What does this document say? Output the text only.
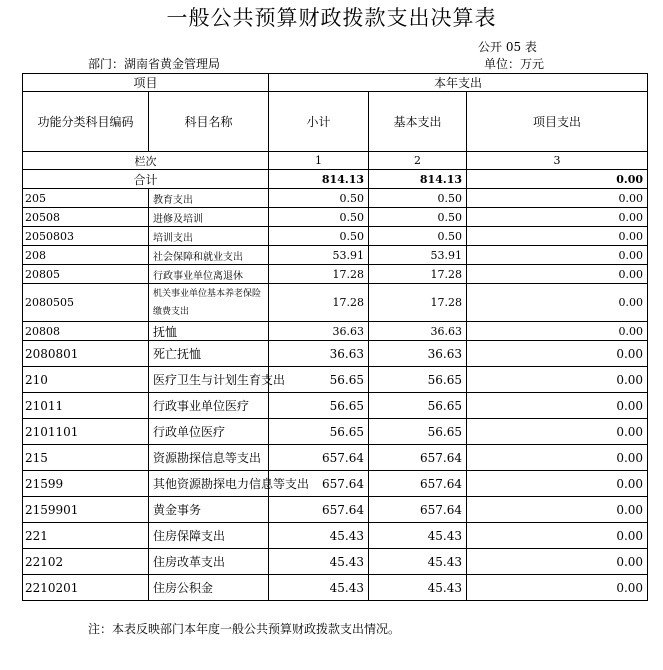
一般公共预算财政拨款支出决算表
公开 05 表
部门：湖南省黄金管理局	单位：万元
项目		本年支出		
功能分类科目编码	科目名称	小计	基本支出	项目支出
栏次		1	2	3
合计		814.13	814.13	0.00
205	教育支出	0.50	0.50	0.00
20508	进修及培训	0.50	0.50	0.00
2050803	培训支出	0.50	0.50	0.00
208	社会保障和就业支出	53.91	53.91	0.00
20805	行政事业单位离退休	17.28	17.28	0.00
2080505	机关事业单位基本养老保险缴费支出	17.28	17.28	0.00
20808	抚恤	36.63	36.63	0.00
2080801	死亡抚恤	36.63	36.63	0.00
210	医疗卫生与计划生育支出	56.65	56.65	0.00
21011	行政事业单位医疗	56.65	56.65	0.00
2101101	行政单位医疗	56.65	56.65	0.00
215	资源勘探信息等支出	657.64	657.64	0.00
21599	其他资源勘探电力信息等支出	657.64	657.64	0.00
2159901	黄金事务	657.64	657.64	0.00
221	住房保障支出	45.43	45.43	0.00
22102	住房改革支出	45.43	45.43	0.00
2210201	住房公积金	45.43	45.43	0.00
注：本表反映部门本年度一般公共预算财政拨款支出情况。
